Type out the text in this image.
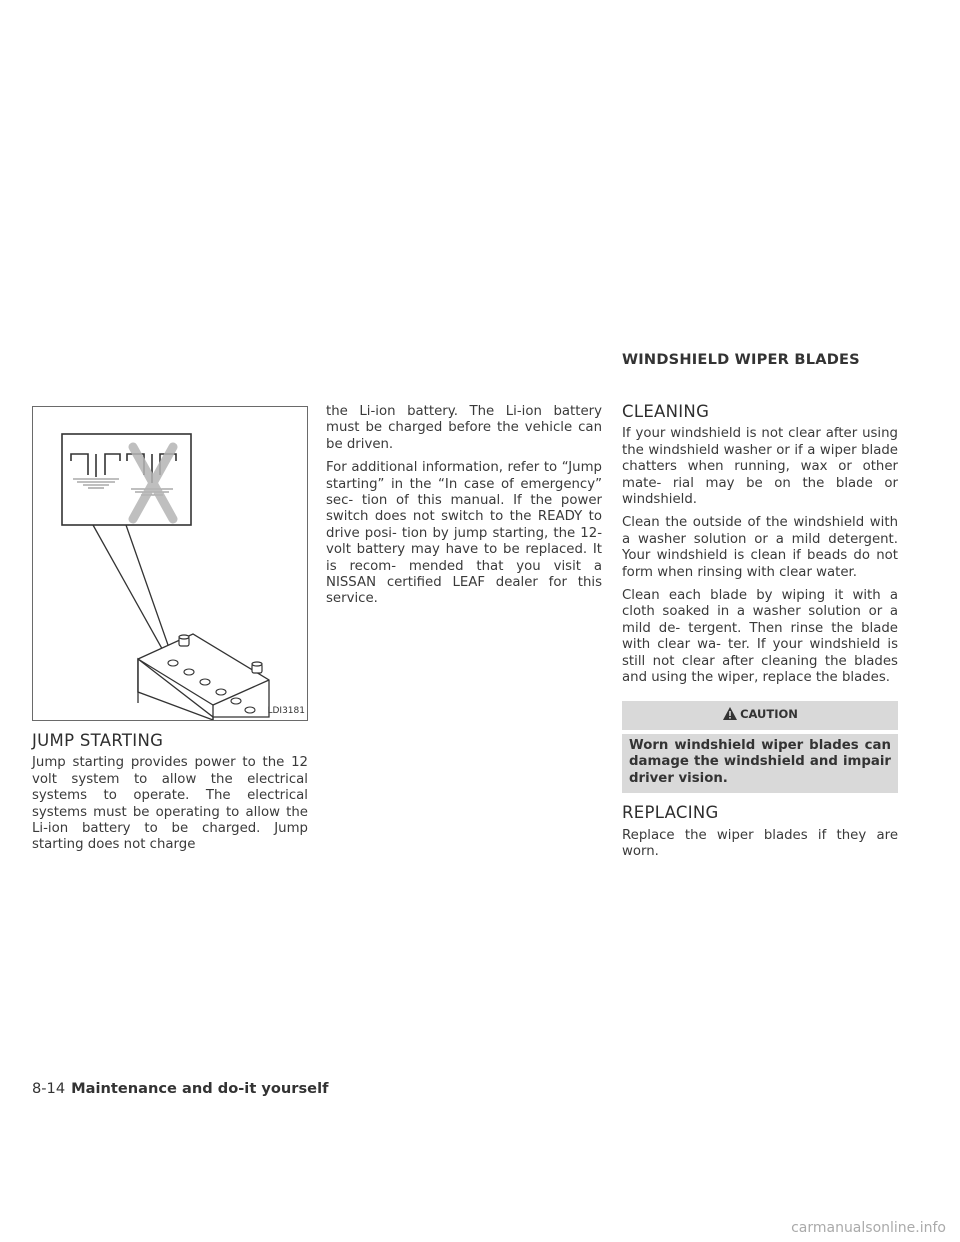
WINDSHIELD WIPER BLADES
LDI3181
JUMP STARTING

Jump starting provides power to the 12 volt system to allow the electrical systems to operate. The electrical systems must be operating to allow the Li-ion battery to be charged. Jump starting does not charge

the Li-ion battery. The Li-ion battery must be charged before the vehicle can be driven.

For additional information, refer to “Jump starting” in the “In case of emergency” sec- tion of this manual. If the power switch does not switch to the READY to drive posi- tion by jump starting, the 12-volt battery may have to be replaced. It is recom- mended that you visit a NISSAN certified LEAF dealer for this service.

CLEANING

If your windshield is not clear after using the windshield washer or if a wiper blade chatters when running, wax or other mate- rial may be on the blade or windshield.

Clean the outside of the windshield with a washer solution or a mild detergent. Your windshield is clean if beads do not form when rinsing with clear water.

Clean each blade by wiping it with a cloth soaked in a washer solution or a mild de- tergent. Then rinse the blade with clear wa- ter. If your windshield is still not clear after cleaning the blades and using the wiper, replace the blades.

CAUTION
Worn windshield wiper blades can damage the windshield and impair driver vision.
REPLACING

Replace the wiper blades if they are worn.

8-14 Maintenance and do-it yourself
carmanualsonline.info
